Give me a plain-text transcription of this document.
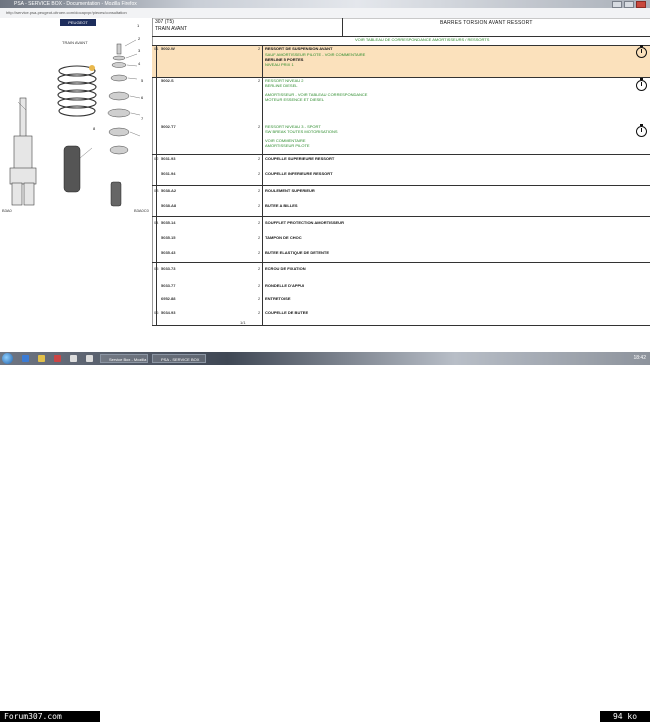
PSA - SERVICE BOX - Documentation - Mozilla Firefox
http://service.psa-peugeot-citroen.com/docapvpr/pieces/consultation
PEUGEOT
TRAIN AVANT
B3A0	B3A0C0
1
2
3
4
5
6
7
8
307 (T5)
TRAIN AVANT
BARRES TORSION AVANT RESSORT
VOIR TABLEAU DE CORRESPONDANCE AMORTISSEURS / RESSORTS
01 5002.W	2 RESSORT DE SUSPENSION AVANT
SAUF AMORTISSEUR PILOTE - VOIR COMMENTAIRE
BERLINE 5 PORTES
NIVEAU PRIX 1
5002.S	2 RESSORT NIVEAU 2
BERLINE DIESEL
AMORTISSEUR - VOIR TABLEAU CORRESPONDANCE
MOTEUR ESSENCE ET DIESEL
5002.T7	2 RESSORT NIVEAU 3 - SPORT
SW BREAK TOUTES MOTORISATIONS
VOIR COMMENTAIRE
AMORTISSEUR PILOTE
02 5031.93	2 COUPELLE SUPERIEURE RESSORT
5031.94	2 COUPELLE INFERIEURE RESSORT
03 5038.A2	2 ROULEMENT SUPERIEUR
5038.A8	2 BUTEE A BILLES
04 5035.14	2 SOUFFLET PROTECTION AMORTISSEUR
5035.15	2 TAMPON DE CHOC
5035.43	2 BUTEE ELASTIQUE DE DETENTE
05 5033.73	2 ECROU DE FIXATION
5033.77	2 RONDELLE D'APPUI
6952.88	2 ENTRETOISE
06 5034.93	2 COUPELLE DE BUTEE
1/1
Service Box - Mozilla	PSA - SERVICE BOX	18:42
Forum307.com	94 ko
